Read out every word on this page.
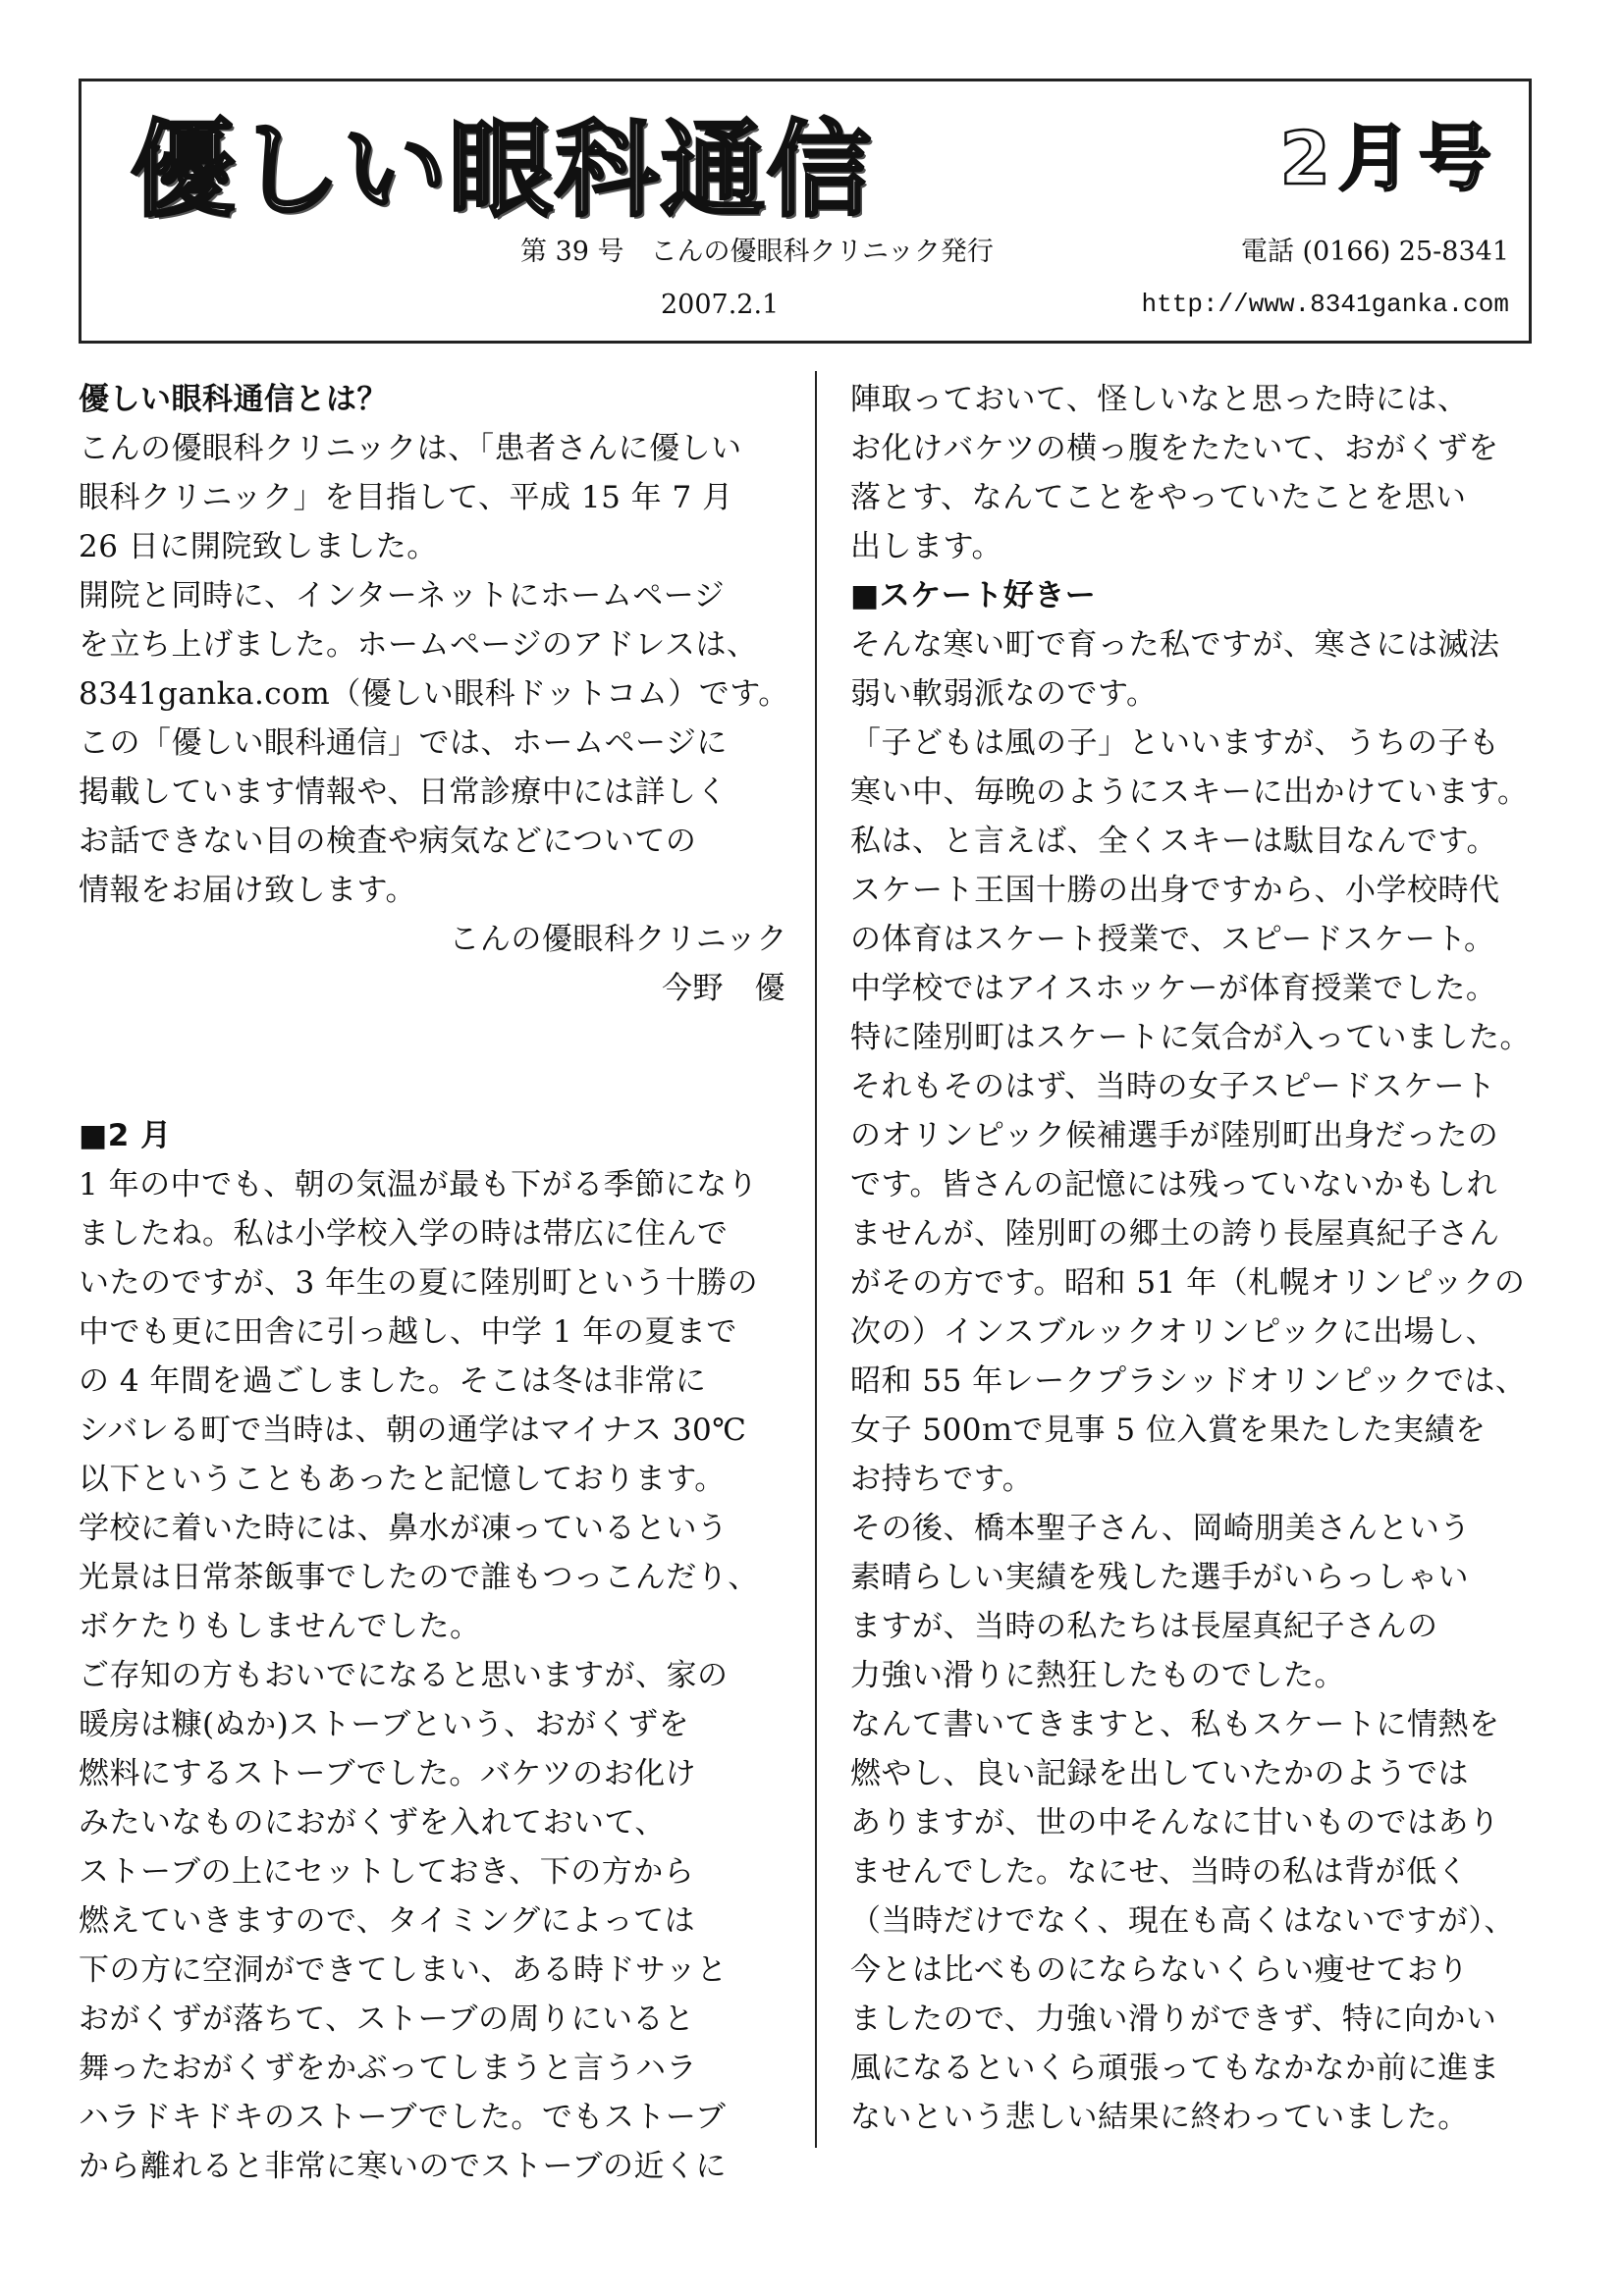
優しい眼科通信	2月号
第 39 号　こんの優眼科クリニック発行	電話 (0166) 25-8341
2007.2.1	http://www.8341ganka.com

優しい眼科通信とは？

こんの優眼科クリニックは、「患者さんに優しい

眼科クリニック」を目指して、平成 15 年 7 月

26 日に開院致しました。

開院と同時に、インターネットにホームページ

を立ち上げました。ホームページのアドレスは、

8341ganka.com（優しい眼科ドットコム）です。

この「優しい眼科通信」では、ホームページに

掲載しています情報や、日常診療中には詳しく

お話できない目の検査や病気などについての

情報をお届け致します。

こんの優眼科クリニック

今野　優

■2 月

1 年の中でも、朝の気温が最も下がる季節になり

ましたね。私は小学校入学の時は帯広に住んで

いたのですが、3 年生の夏に陸別町という十勝の

中でも更に田舎に引っ越し、中学 1 年の夏まで

の 4 年間を過ごしました。そこは冬は非常に

シバレる町で当時は、朝の通学はマイナス 30℃

以下ということもあったと記憶しております。

学校に着いた時には、鼻水が凍っているという

光景は日常茶飯事でしたので誰もつっこんだり、

ボケたりもしませんでした。

ご存知の方もおいでになると思いますが、家の

暖房は糠(ぬか)ストーブという、おがくずを

燃料にするストーブでした。バケツのお化け

みたいなものにおがくずを入れておいて、

ストーブの上にセットしておき、下の方から

燃えていきますので、タイミングによっては

下の方に空洞ができてしまい、ある時ドサッと

おがくずが落ちて、ストーブの周りにいると

舞ったおがくずをかぶってしまうと言うハラ

ハラドキドキのストーブでした。でもストーブ

から離れると非常に寒いのでストーブの近くに

陣取っておいて、怪しいなと思った時には、

お化けバケツの横っ腹をたたいて、おがくずを

落とす、なんてことをやっていたことを思い

出します。

■スケート好きー

そんな寒い町で育った私ですが、寒さには滅法

弱い軟弱派なのです。

「子どもは風の子」といいますが、うちの子も

寒い中、毎晩のようにスキーに出かけています。

私は、と言えば、全くスキーは駄目なんです。

スケート王国十勝の出身ですから、小学校時代

の体育はスケート授業で、スピードスケート。

中学校ではアイスホッケーが体育授業でした。

特に陸別町はスケートに気合が入っていました。

それもそのはず、当時の女子スピードスケート

のオリンピック候補選手が陸別町出身だったの

です。皆さんの記憶には残っていないかもしれ

ませんが、陸別町の郷土の誇り長屋真紀子さん

がその方です。昭和 51 年（札幌オリンピックの

次の）インスブルックオリンピックに出場し、

昭和 55 年レークプラシッドオリンピックでは、

女子 500ｍで見事 5 位入賞を果たした実績を

お持ちです。

その後、橋本聖子さん、岡崎朋美さんという

素晴らしい実績を残した選手がいらっしゃい

ますが、当時の私たちは長屋真紀子さんの

力強い滑りに熱狂したものでした。

なんて書いてきますと、私もスケートに情熱を

燃やし、良い記録を出していたかのようでは

ありますが、世の中そんなに甘いものではあり

ませんでした。なにせ、当時の私は背が低く

（当時だけでなく、現在も高くはないですが）、

今とは比べものにならないくらい痩せており

ましたので、力強い滑りができず、特に向かい

風になるといくら頑張ってもなかなか前に進ま

ないという悲しい結果に終わっていました。
